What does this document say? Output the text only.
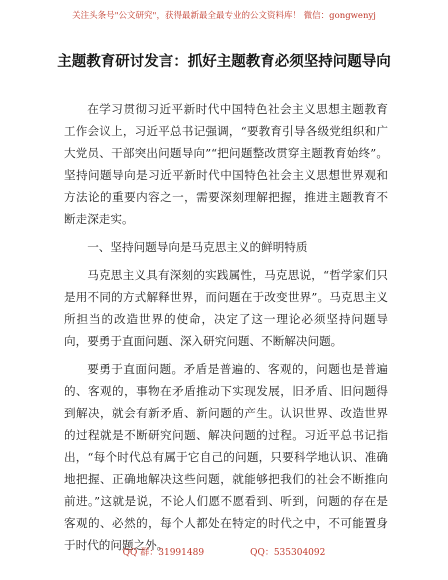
关注头条号"公文研究"，获得最新最全最专业的公文资料库！ 微信：gongwenyj
主题教育研讨发言：抓好主题教育必须坚持问题导向

在学习贯彻习近平新时代中国特色社会主义思想主题教育工作会议上，习近平总书记强调，“要教育引导各级党组织和广大党员、干部突出问题导向”“把问题整改贯穿主题教育始终”。坚持问题导向是习近平新时代中国特色社会主义思想世界观和方法论的重要内容之一，需要深刻理解把握，推进主题教育不断走深走实。

一、坚持问题导向是马克思主义的鲜明特质

马克思主义具有深刻的实践属性，马克思说，“哲学家们只是用不同的方式解释世界，而问题在于改变世界”。马克思主义所担当的改造世界的使命，决定了这一理论必须坚持问题导向，要勇于直面问题、深入研究问题、不断解决问题。

要勇于直面问题。矛盾是普遍的、客观的，问题也是普遍的、客观的，事物在矛盾推动下实现发展，旧矛盾、旧问题得到解决，就会有新矛盾、新问题的产生。认识世界、改造世界的过程就是不断研究问题、解决问题的过程。习近平总书记指出，“每个时代总有属于它自己的问题，只要科学地认识、准确地把握、正确地解决这些问题，就能够把我们的社会不断推向前进。”这就是说，不论人们愿不愿看到、听到，问题的存在是客观的、必然的，每个人都处在特定的时代之中，不可能置身于时代的问题之外。

QQ 群：31991489	QQ：535304092
